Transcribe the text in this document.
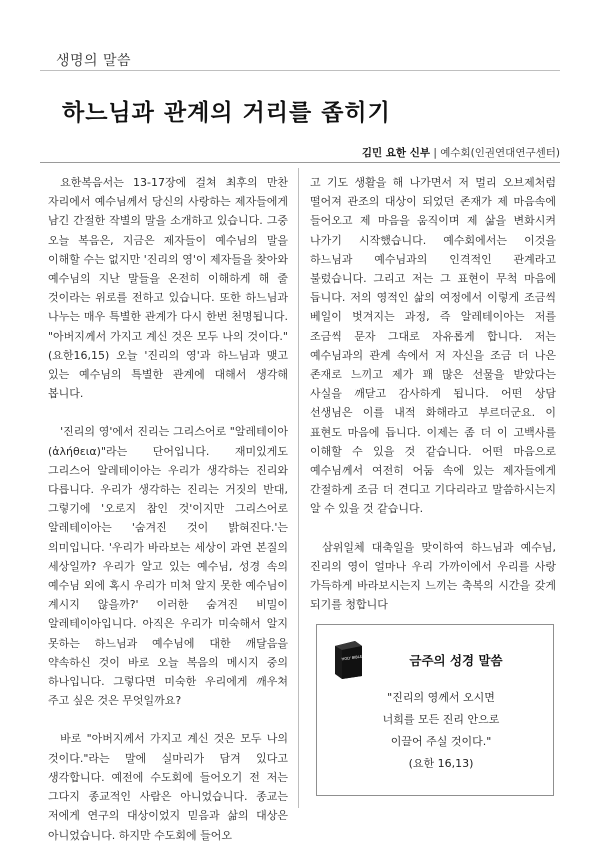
생명의 말씀
하느님과 관계의 거리를 좁히기
김민 요한 신부 | 예수회(인권연대연구센터)

요한복음서는 13-17장에 걸쳐 최후의 만찬 자리에서 예수님께서 당신의 사랑하는 제자들에게 남긴 간절한 작별의 말을 소개하고 있습니다. 그중 오늘 복음은, 지금은 제자들이 예수님의 말을 이해할 수는 없지만 '진리의 영'이 제자들을 찾아와 예수님의 지난 말들을 온전히 이해하게 해 줄 것이라는 위로를 전하고 있습니다. 또한 하느님과 나누는 매우 특별한 관계가 다시 한번 천명됩니다. "아버지께서 가지고 계신 것은 모두 나의 것이다."(요한16,15) 오늘 '진리의 영'과 하느님과 맺고 있는 예수님의 특별한 관계에 대해서 생각해 봅니다.

'진리의 영'에서 진리는 그리스어로 "알레테이아(ἀλήθεια)"라는 단어입니다. 재미있게도 그리스어 알레테이아는 우리가 생각하는 진리와 다릅니다. 우리가 생각하는 진리는 거짓의 반대, 그렇기에 '오로지 참인 것'이지만 그리스어로 알레테이아는 '숨겨진 것이 밝혀진다.'는 의미입니다. '우리가 바라보는 세상이 과연 본질의 세상일까? 우리가 알고 있는 예수님, 성경 속의 예수님 외에 혹시 우리가 미처 알지 못한 예수님이 계시지 않을까?' 이러한 숨겨진 비밀이 알레테이아입니다. 아직은 우리가 미숙해서 알지 못하는 하느님과 예수님에 대한 깨달음을 약속하신 것이 바로 오늘 복음의 메시지 중의 하나입니다. 그렇다면 미숙한 우리에게 깨우쳐 주고 싶은 것은 무엇일까요?

바로 "아버지께서 가지고 계신 것은 모두 나의 것이다."라는 말에 실마리가 담겨 있다고 생각합니다. 예전에 수도회에 들어오기 전 저는 그다지 종교적인 사람은 아니었습니다. 종교는 저에게 연구의 대상이었지 믿음과 삶의 대상은 아니었습니다. 하지만 수도회에 들어오

고 기도 생활을 해 나가면서 저 멀리 오브제처럼 떨어져 관조의 대상이 되었던 존재가 제 마음속에 들어오고 제 마음을 움직이며 제 삶을 변화시켜 나가기 시작했습니다. 예수회에서는 이것을 하느님과 예수님과의 인격적인 관계라고 불렀습니다. 그리고 저는 그 표현이 무척 마음에 듭니다. 저의 영적인 삶의 여정에서 이렇게 조금씩 베일이 벗겨지는 과정, 즉 알레테이아는 저를 조금씩 문자 그대로 자유롭게 합니다. 저는 예수님과의 관계 속에서 저 자신을 조금 더 나은 존재로 느끼고 제가 꽤 많은 선물을 받았다는 사실을 깨닫고 감사하게 됩니다. 어떤 상담 선생님은 이를 내적 화해라고 부르더군요. 이 표현도 마음에 듭니다. 이제는 좀 더 이 고백사를 이해할 수 있을 것 같습니다. 어떤 마음으로 예수님께서 여전히 어둠 속에 있는 제자들에게 간절하게 조금 더 견디고 기다리라고 말씀하시는지 알 수 있을 것 같습니다.

삼위일체 대축일을 맞이하여 하느님과 예수님, 진리의 영이 얼마나 우리 가까이에서 우리를 사랑 가득하게 바라보시는지 느끼는 축복의 시간을 갖게 되기를 청합니다

HOLY BIBLE	금주의 성경 말씀
"진리의 영께서 오시면
너희를 모든 진리 안으로
이끌어 주실 것이다."
(요한 16,13)
